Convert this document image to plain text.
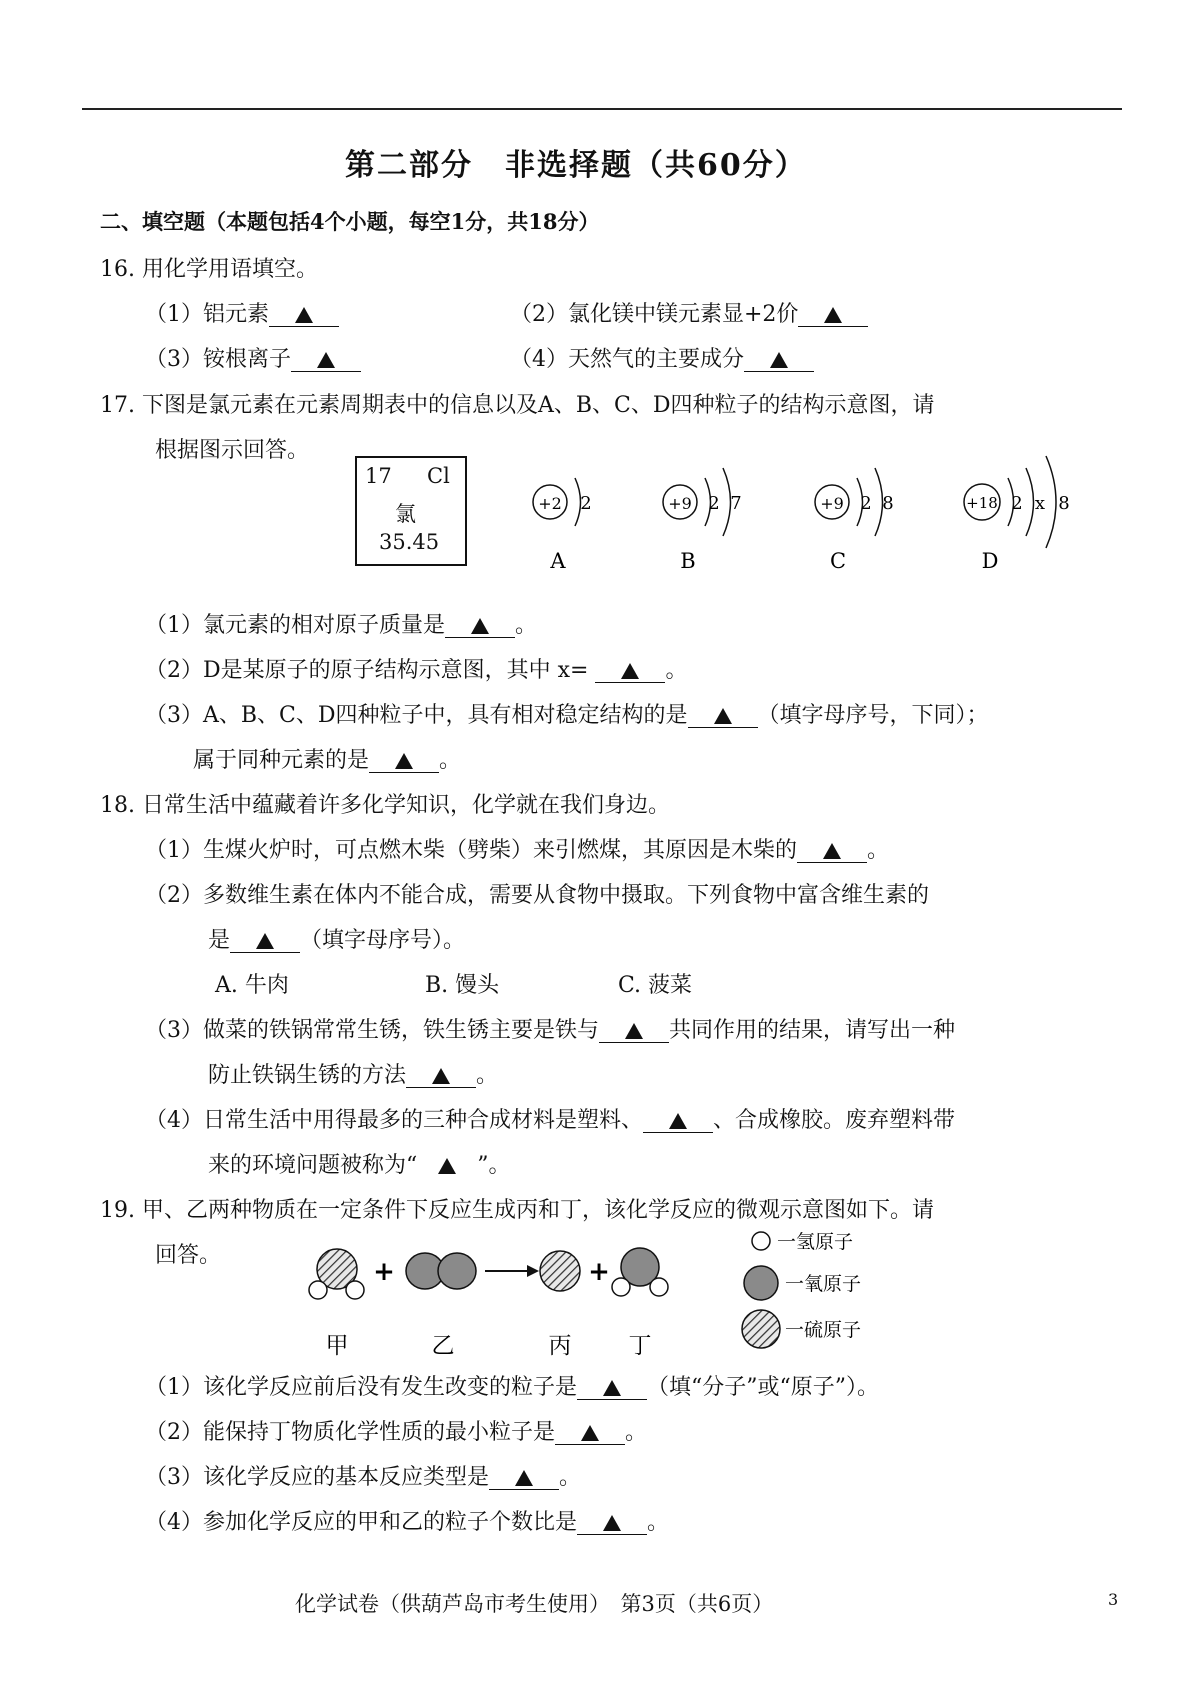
第二部分　非选择题（共60分）
二、填空题（本题包括4个小题，每空1分，共18分）
16. 用化学用语填空。
（1）铝元素	（2）氯化镁中镁元素显+2价
（3）铵根离子	（4）天然气的主要成分
17. 下图是氯元素在元素周期表中的信息以及A、B、C、D四种粒子的结构示意图，请
根据图示回答。
17 Cl
氯
35.45
+2 2
A
+9 2 7
B
+9 2 8
C
+18 2 x 8
D
（1）氯元素的相对原子质量是	。
（2）D是某原子的原子结构示意图，其中 x=	。
（3）A、B、C、D四种粒子中，具有相对稳定结构的是	（填字母序号，下同）；
属于同种元素的是	。
18. 日常生活中蕴藏着许多化学知识，化学就在我们身边。
（1）生煤火炉时，可点燃木柴（劈柴）来引燃煤，其原因是木柴的	。
（2）多数维生素在体内不能合成，需要从食物中摄取。下列食物中富含维生素的
是	（填字母序号）。
A. 牛肉	B. 馒头	C. 菠菜
（3）做菜的铁锅常常生锈，铁生锈主要是铁与	共同作用的结果，请写出一种
防止铁锅生锈的方法	。
（4）日常生活中用得最多的三种合成材料是塑料、	、合成橡胶。废弃塑料带
来的环境问题被称为“	”。
19. 甲、乙两种物质在一定条件下反应生成丙和丁，该化学反应的微观示意图如下。请
回答。
+	+
甲	乙	丙 丁
一氢原子
一氧原子
一硫原子
（1）该化学反应前后没有发生改变的粒子是	（填“分子”或“原子”）。
（2）能保持丁物质化学性质的最小粒子是	。
（3）该化学反应的基本反应类型是	。
（4）参加化学反应的甲和乙的粒子个数比是	。
化学试卷（供葫芦岛市考生使用）　第3页（共6页）	3
